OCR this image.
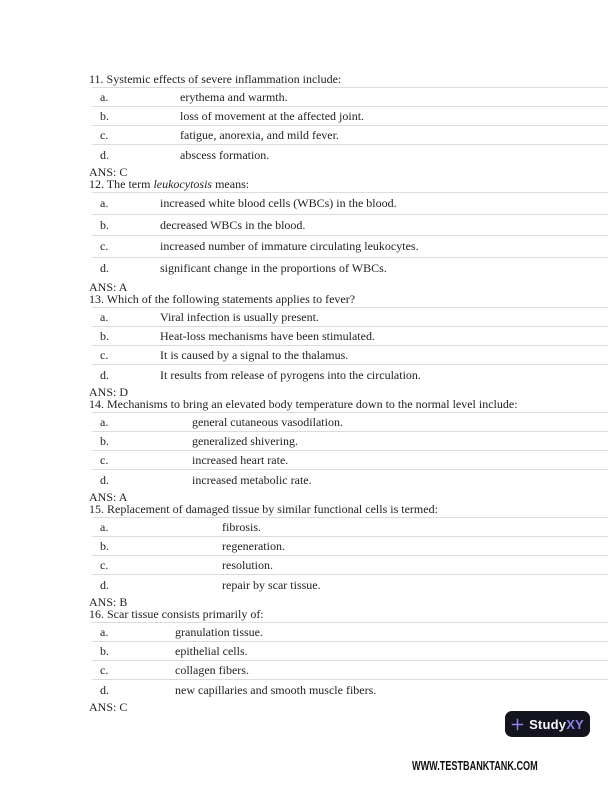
11. Systemic effects of severe inflammation include:
a.	erythema and warmth.
b.	loss of movement at the affected joint.
c.	fatigue, anorexia, and mild fever.
d.	abscess formation.
ANS: C
12. The term leukocytosis means:
a.	increased white blood cells (WBCs) in the blood.
b.	decreased WBCs in the blood.
c.	increased number of immature circulating leukocytes.
d.	significant change in the proportions of WBCs.
ANS: A
13. Which of the following statements applies to fever?
a.	Viral infection is usually present.
b.	Heat-loss mechanisms have been stimulated.
c.	It is caused by a signal to the thalamus.
d.	It results from release of pyrogens into the circulation.
ANS: D
14. Mechanisms to bring an elevated body temperature down to the normal level include:
a.	general cutaneous vasodilation.
b.	generalized shivering.
c.	increased heart rate.
d.	increased metabolic rate.
ANS: A
15. Replacement of damaged tissue by similar functional cells is termed:
a.	fibrosis.
b.	regeneration.
c.	resolution.
d.	repair by scar tissue.
ANS: B
16. Scar tissue consists primarily of:
a.	granulation tissue.
b.	epithelial cells.
c.	collagen fibers.
d.	new capillaries and smooth muscle fibers.
ANS: C
StudyXY
WWW.TESTBANKTANK.COM
